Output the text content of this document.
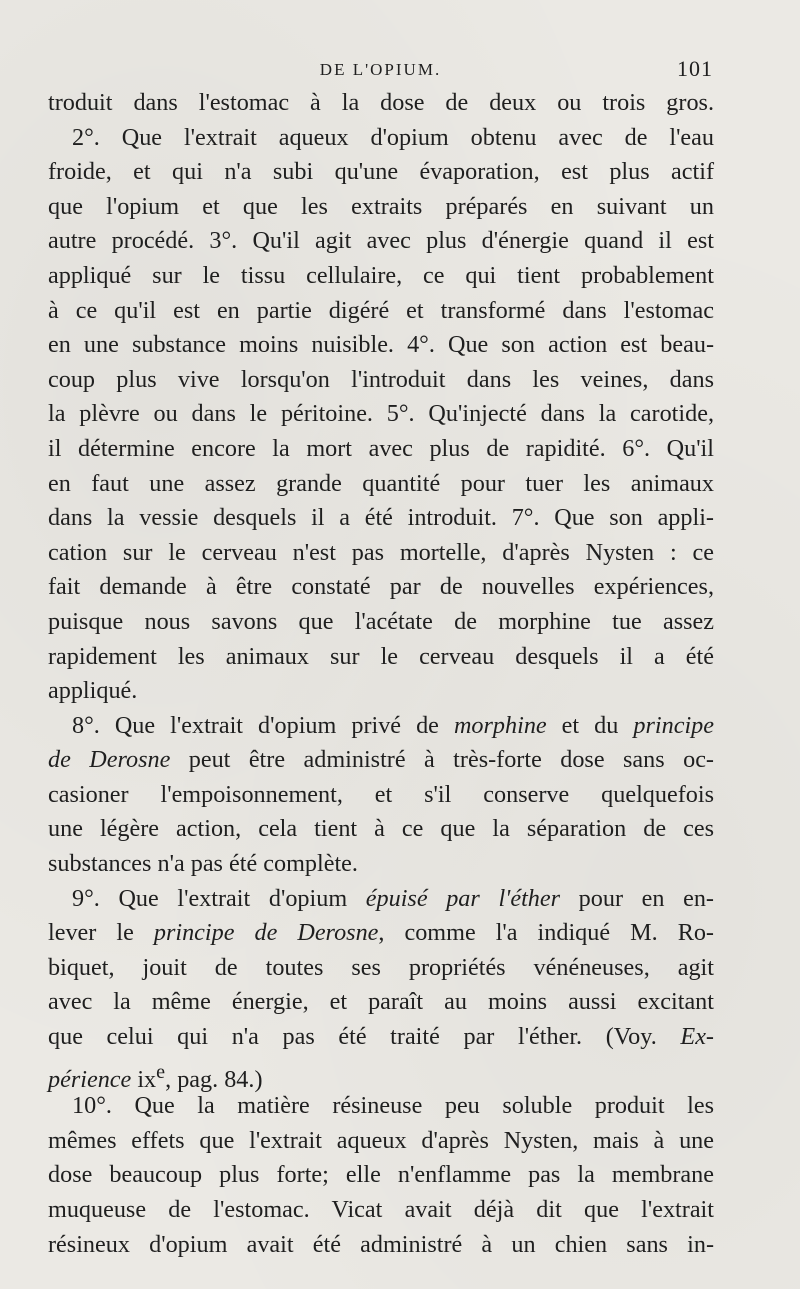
DE L'OPIUM.	101
troduit dans l'estomac à la dose de deux ou trois gros.
2°. Que l'extrait aqueux d'opium obtenu avec de l'eau
froide, et qui n'a subi qu'une évaporation, est plus actif
que l'opium et que les extraits préparés en suivant un
autre procédé. 3°. Qu'il agit avec plus d'énergie quand il est
appliqué sur le tissu cellulaire, ce qui tient probablement
à ce qu'il est en partie digéré et transformé dans l'estomac
en une substance moins nuisible. 4°. Que son action est beau-
coup plus vive lorsqu'on l'introduit dans les veines, dans
la plèvre ou dans le péritoine. 5°. Qu'injecté dans la carotide,
il détermine encore la mort avec plus de rapidité. 6°. Qu'il
en faut une assez grande quantité pour tuer les animaux
dans la vessie desquels il a été introduit. 7°. Que son appli-
cation sur le cerveau n'est pas mortelle, d'après Nysten : ce
fait demande à être constaté par de nouvelles expériences,
puisque nous savons que l'acétate de morphine tue assez
rapidement les animaux sur le cerveau desquels il a été
appliqué.
8°. Que l'extrait d'opium privé de morphine et du principe
de Derosne peut être administré à très-forte dose sans oc-
casioner l'empoisonnement, et s'il conserve quelquefois
une légère action, cela tient à ce que la séparation de ces
substances n'a pas été complète.
9°. Que l'extrait d'opium épuisé par l'éther pour en en-
lever le principe de Derosne, comme l'a indiqué M. Ro-
biquet, jouit de toutes ses propriétés vénéneuses, agit
avec la même énergie, et paraît au moins aussi excitant
que celui qui n'a pas été traité par l'éther. (Voy. Ex-
périence $ix^e$, pag. 84.)
10°. Que la matière résineuse peu soluble produit les
mêmes effets que l'extrait aqueux d'après Nysten, mais à une
dose beaucoup plus forte; elle n'enflamme pas la membrane
muqueuse de l'estomac. Vicat avait déjà dit que l'extrait
résineux d'opium avait été administré à un chien sans in-
